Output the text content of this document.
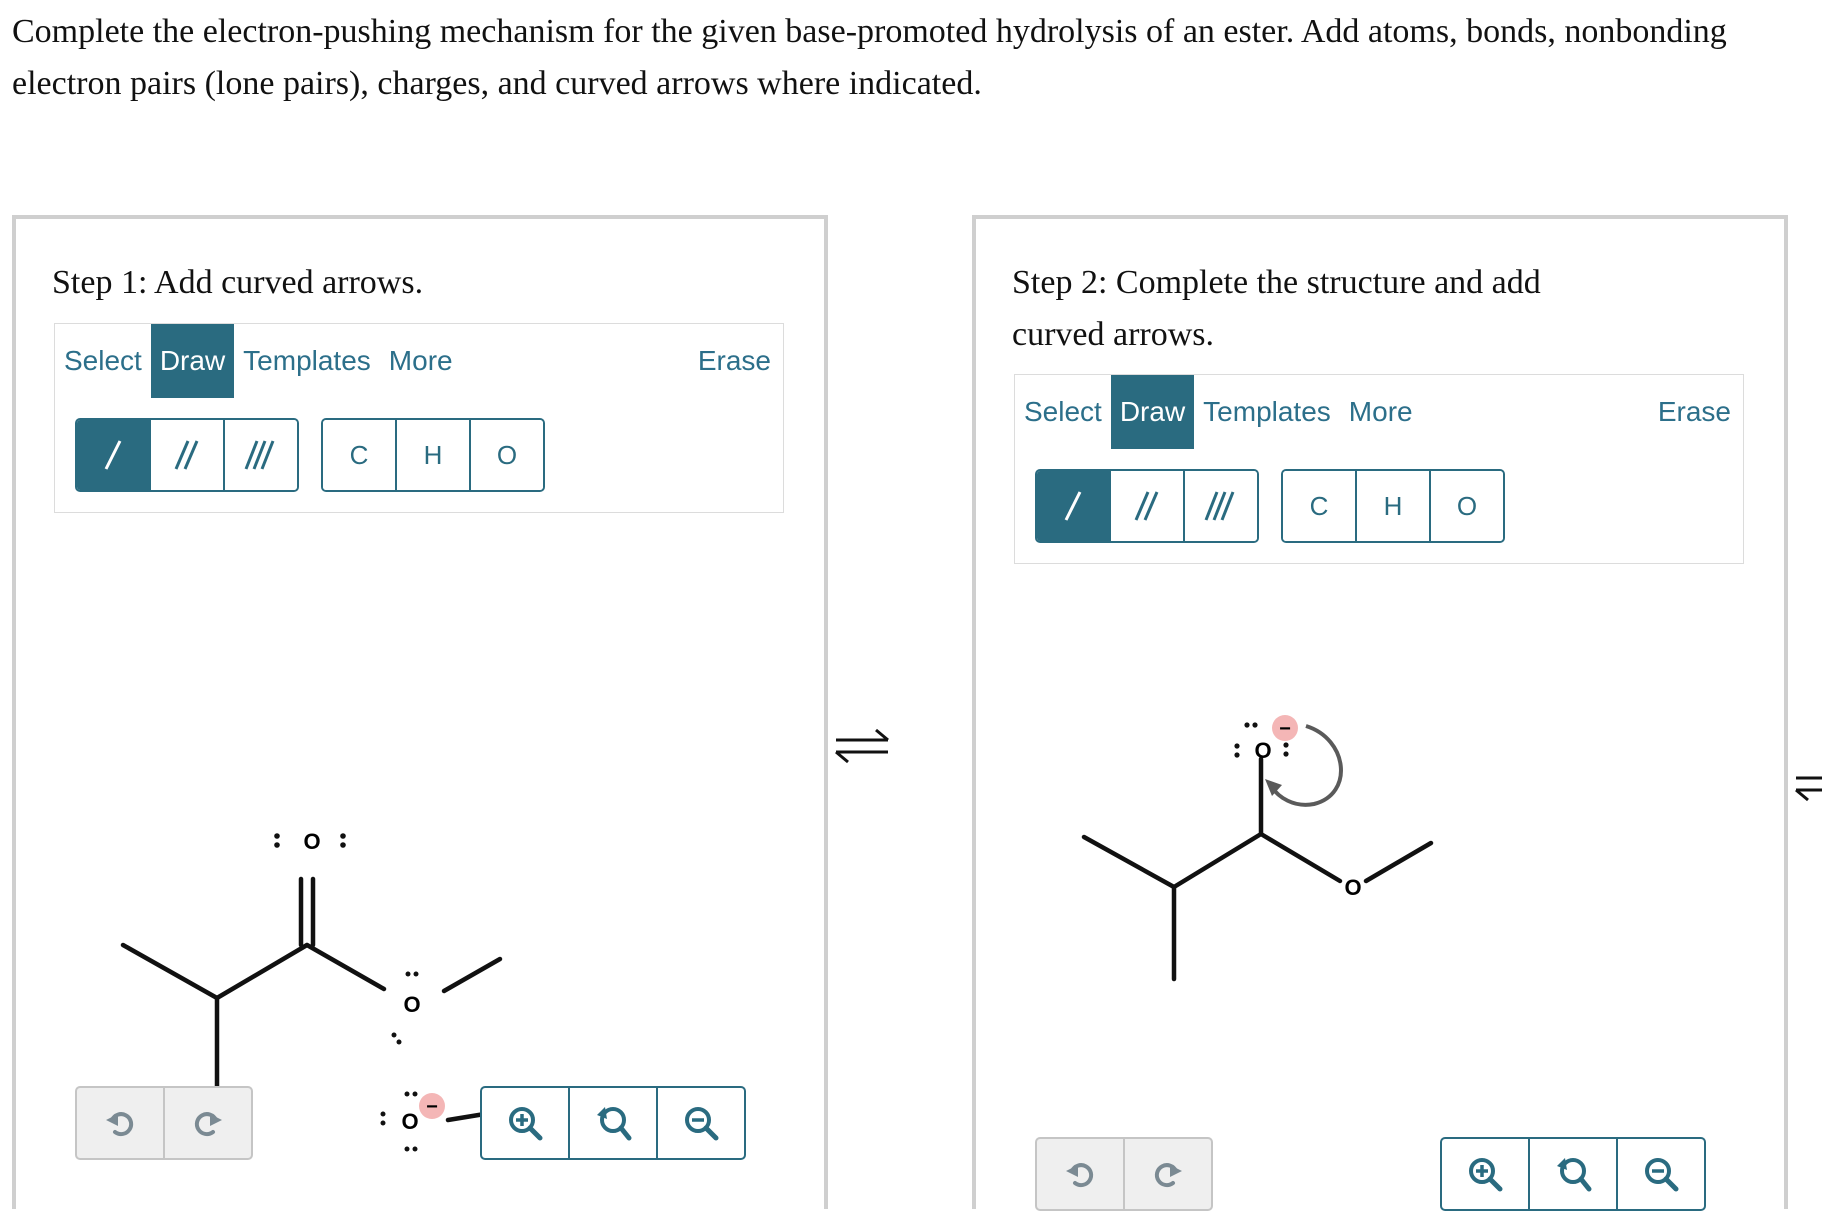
Complete the electron-pushing mechanism for the given base-promoted hydrolysis of an ester. Add atoms, bonds, nonbonding

electron pairs (lone pairs), charges, and curved arrows where indicated.

Step 1: Add curved arrows.
Select Draw Templates More	Erase
C	H	O
O
O
O
−
Step 2: Complete the structure and add
curved arrows.
Select Draw Templates More	Erase
C	H	O
O
O
−
